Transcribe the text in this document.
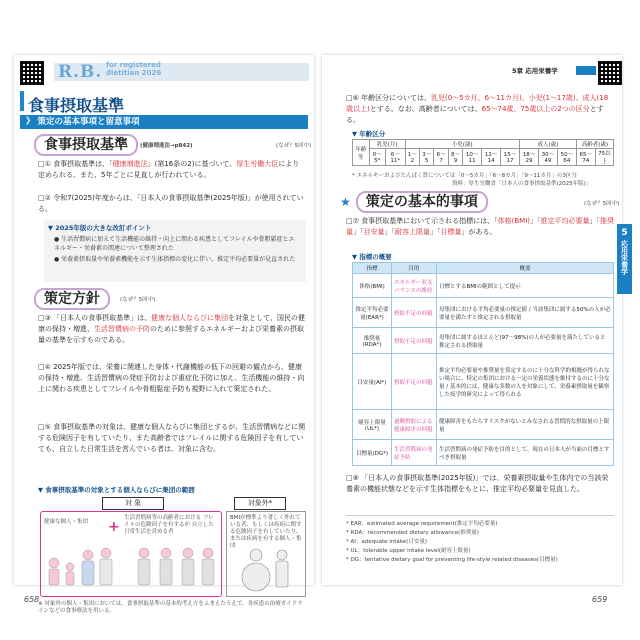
R.B. for registered
dietitian 2026
食事摂取基準
》 策定の基本事項と留意事項
食事摂取基準	(健康増進法→p842)	(なぜ？5回中)
□① 食事摂取基準は、「健康増進法」(第16条の2)に基づいて、厚生労働大臣により定められる。また、5年ごとに見直しが行われている。
□② 令和7(2025)年度からは、「日本人の食事摂取基準(2025年版)」が使用されている。
▼ 2025年版の大きな改訂ポイント
● 生活習慣病に加えて生活機能の維持・向上に関わる疾患としてフレイルや骨粗鬆症とエネルギー・栄養素の関連について整理された
● 栄養素摂取量や栄養素機能を示す生体指標の変化に伴い、推定平均必要量が見直された
策定方針	(なぜ？5回中)
□③ 「日本人の食事摂取基準」は、健康な個人ならびに集団を対象として、国民の健康の保持・増進、生活習慣病の予防のために参照するエネルギーおよび栄養素の摂取量の基準を示すものである。
□④ 2025年版では、栄養に関連した身体・代謝機能の低下の回避の観点から、健康の保持・増進、生活習慣病の発症予防および重症化予防に加え、生活機能の維持・向上に関わる疾患としてフレイルや骨粗鬆症予防も視野に入れて策定された。
□⑤ 食事摂取基準の対象は、健康な個人ならびに集団とするが、生活習慣病などに関する危険因子を有していたり、また高齢者ではフレイルに関する危険因子を有していても、自立した日常生活を営んでいる者は、対象に含む。
▼ 食事摂取基準の対象とする個人ならびに集団の範囲
対 象	対象外*
健康な個人・集団	+
生活習慣病等の高齢者における フレイルの危険因子を有するが 自立した日常生活を営める者
BMIが標準より著しく外れている者、もしくは疾病に関する危険因子を有していたり、または疾病を有する個人・集団
※ 対象外の個人・集団においては、食事摂取基準の基本的考え方をふまえたうえで、各疾患の治療ガイドラインなどの食事療法を用いる。
658
5章 応用栄養学
□⑥ 年齢区分については、乳児(0～5カ月、6～11カ月)、小児(1～17歳)、成人(18歳以上)とする。なお、高齢者については、65～74歳、75歳以上の2つの区分とする。
▼ 年齢区分
年齢等	乳児(月)		小児(歳)							成人(歳)			高齢者(歳)	
	0～5*	6～11*	1～2	3～5	6～7	8～9	10～11	12～14	15～17	18～29	30～49	50～64	65～74	75以上
* エネルギーおよびたんぱく質については「0～5カ月」「6～8カ月」「9～11カ月」の3区分
資料：厚生労働省「日本人の食事摂取基準(2025年版)」
★ 策定の基本的事項	(なぜ？5回中)
□⑦ 食事摂取基準において示される指標には、「体格(BMI)」「推定平均必要量」「推奨量」「目安量」「耐容上限量」「目標量」がある。
▼ 指標の概要
指標	目的	概要
体格(BMI)	エネルギー収支バランスの維持	日標とするBMIの範囲として提示
推定平均必要量(EAR*)	摂取不足の回避	母集団における平均必要量の推定値 / 当該集団に属する50%の人が必要量を満たすと推定される摂取量
推奨量(RDA*)	摂取不足の回避	母集団に属するほとんど(97～98%)の人が必要量を満たしていると推定される摂取量
目安量(AI*)	摂取不足の回避	推定平均必要量や推奨量を算定するのに十分な科学的根拠が得られない場合に、特定の集団における一定の栄養状態を維持するのに十分な量 / 基本的には、健康な多数の人を対象にして、栄養素摂取量を観察した疫学的研究によって得られる
耐容上限量(UL*)	過剰摂取による健康障害の回避	健康障害をもたらすリスクがないとみなされる習慣的な摂取量の上限量
目標量(DG*)	生活習慣病の発症予防	生活習慣病の発症予防を目的として、現在の日本人が当面の目標とすべき摂取量
□⑧ 「日本人の食事摂取基準(2025年版)」では、栄養素摂取量や生体内での当該栄養素の機能状態などを示す生体指標をもとに、推定平均必要量を見直した。
* EAR：estimated average requirement(推定平均必要量)
* RDA：recommended dietary allowance(推奨量)
* AI：adequate intake(目安量)
* UL：tolerable upper intake level(耐容上限量)
* DG：tentative dietary goal for preventing life-style related diseases(目標量)
659
5
応用栄養学
